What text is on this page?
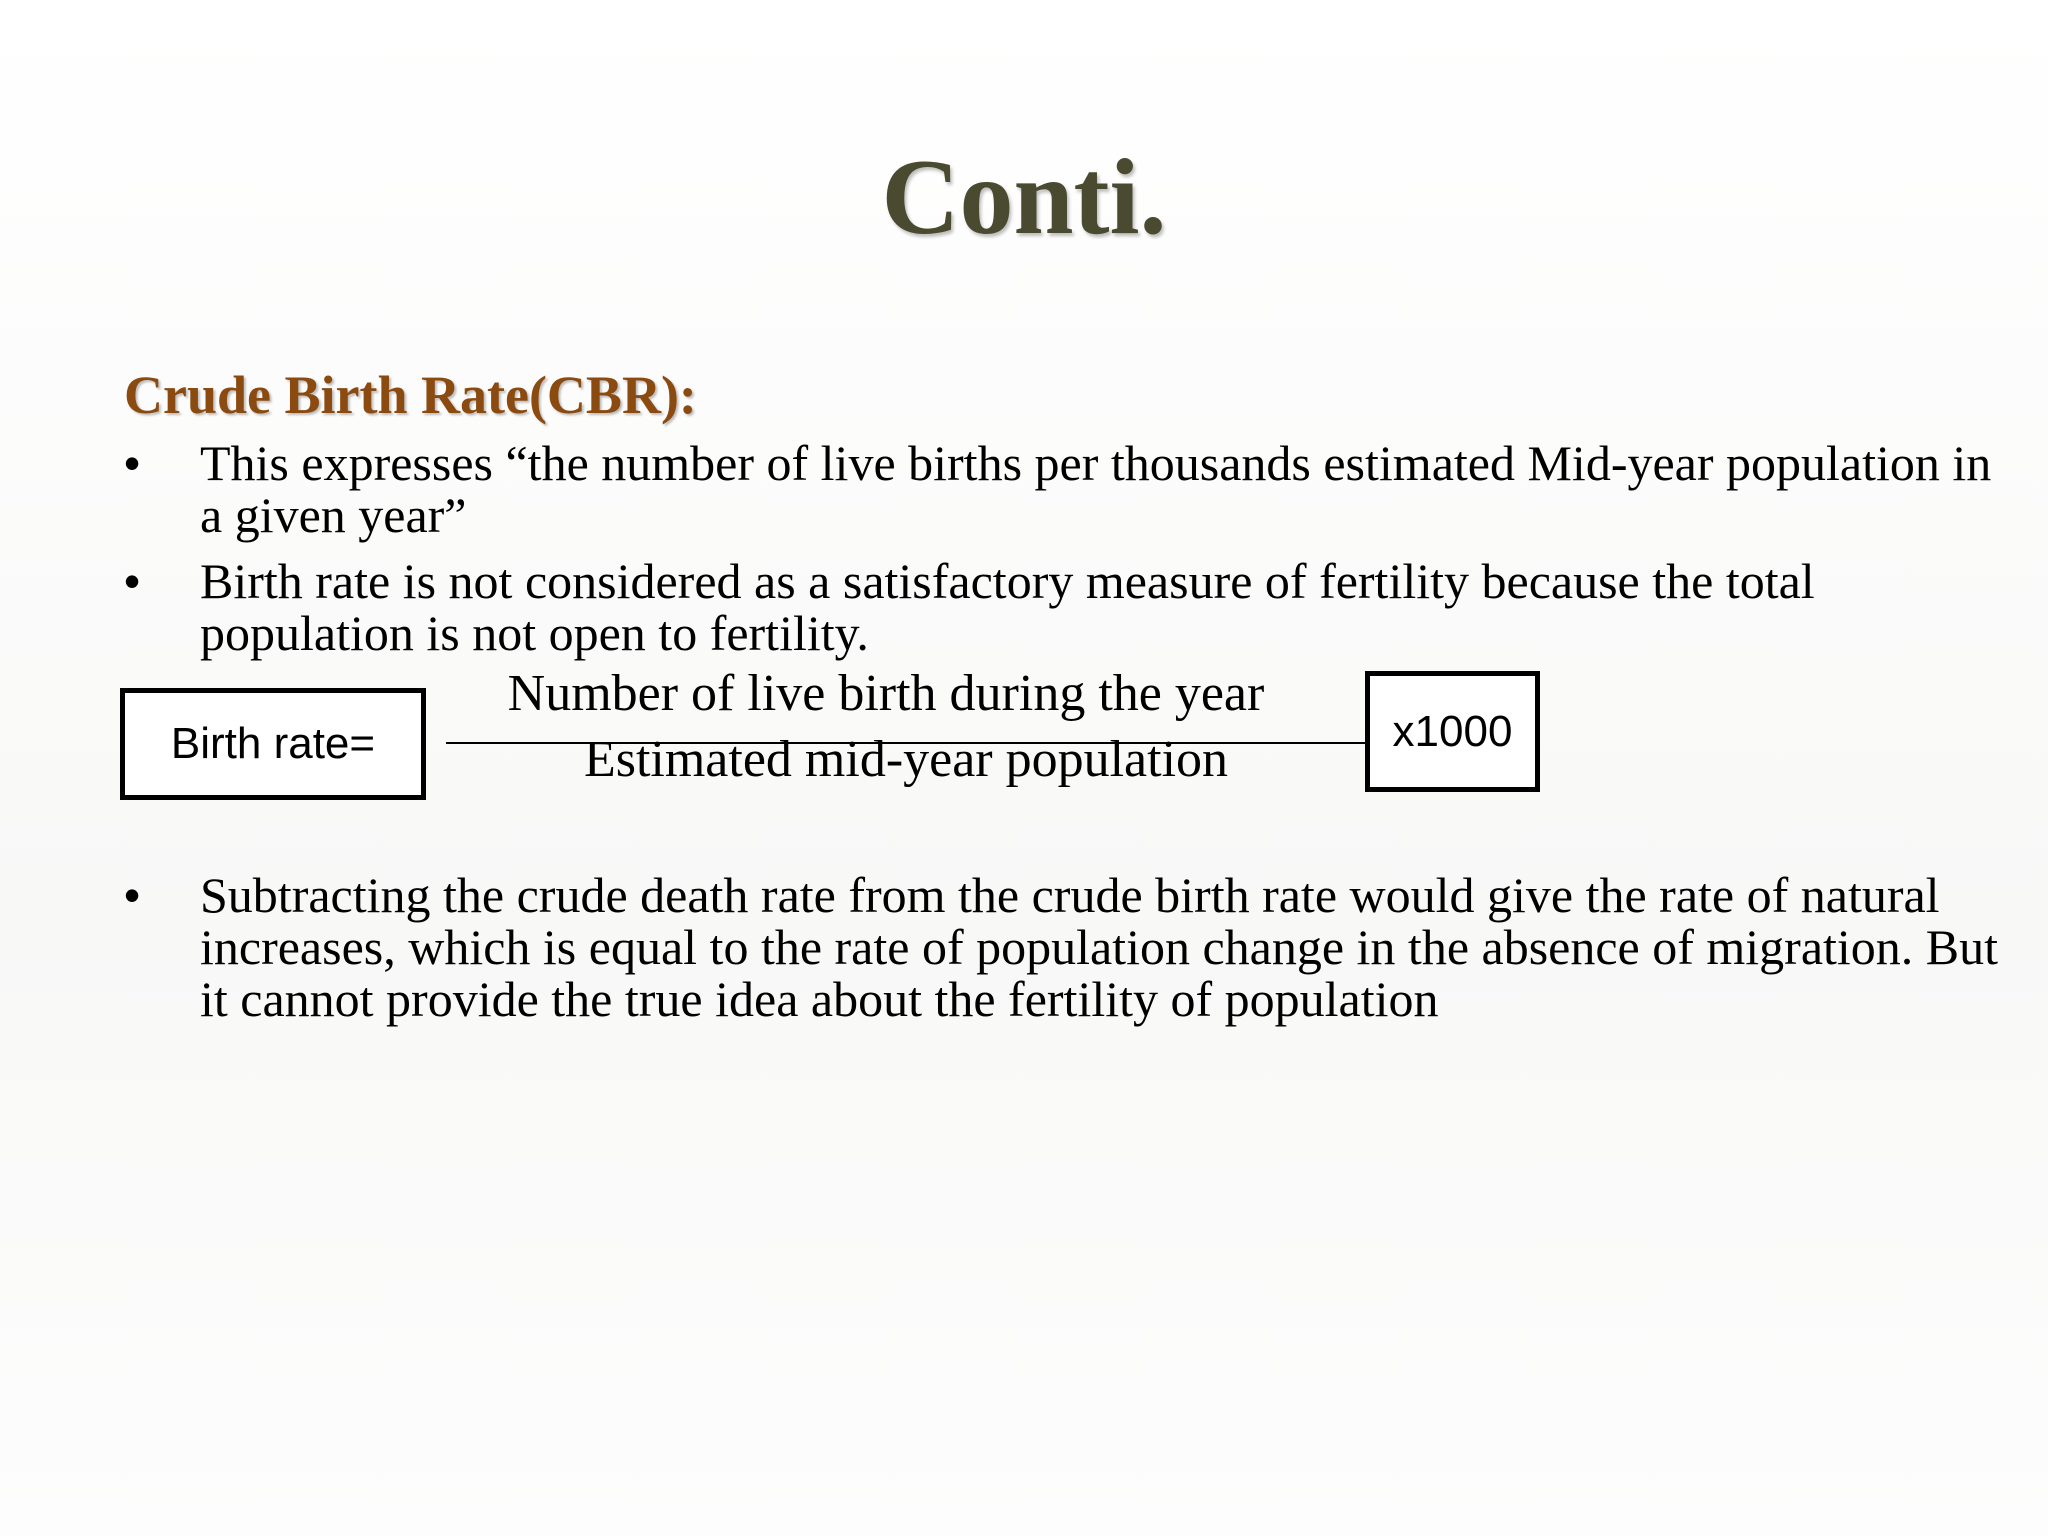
Conti.
Crude Birth Rate(CBR):
• This expresses “the number of live births per thousands estimated Mid-year population in a given year”
• Birth rate is not considered as a satisfactory measure of fertility because the total population is not open to fertility.
Birth rate=
Number of live birth during the year
Estimated mid-year population	x1000
• Subtracting the crude death rate from the crude birth rate would give the rate of natural increases, which is equal to the rate of population change in the absence of migration. But it cannot provide the true idea about the fertility of population
